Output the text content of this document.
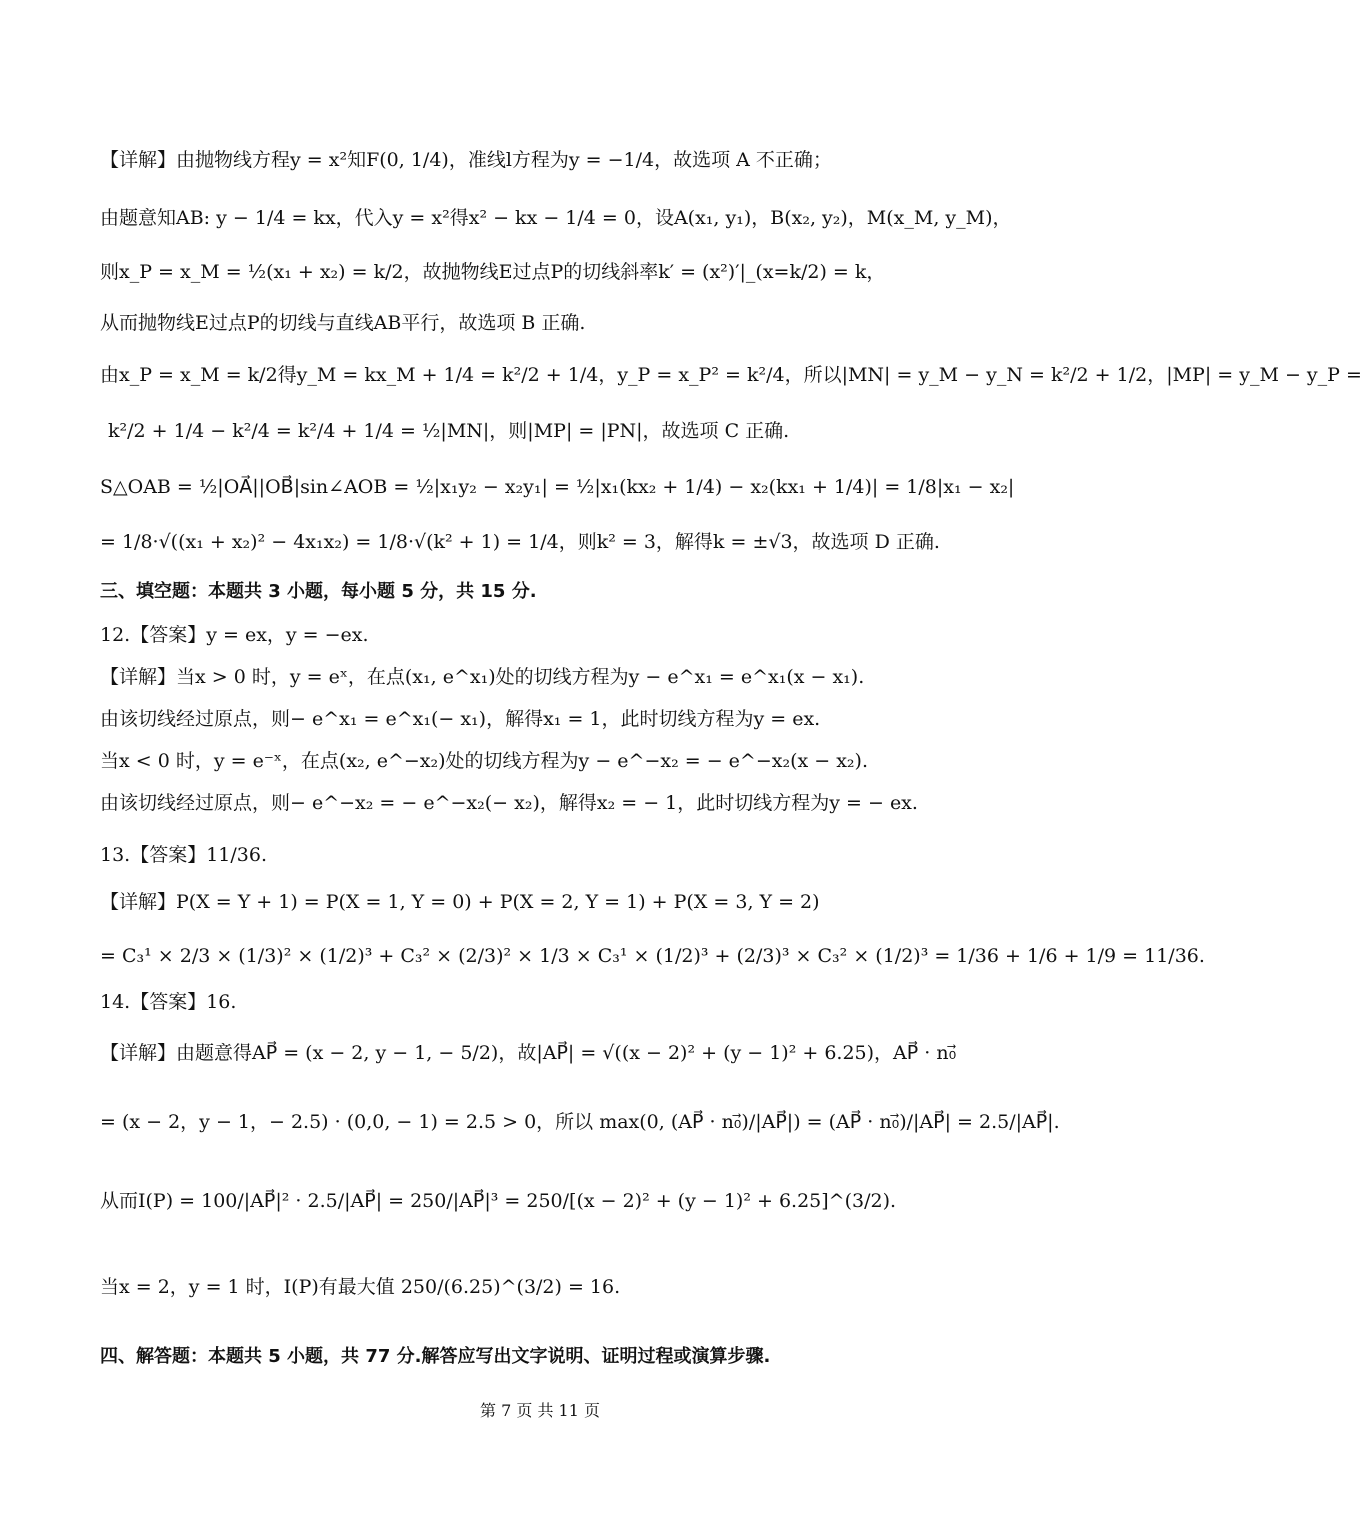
【详解】由抛物线方程y = x²知F(0, 1/4)，准线l方程为y = −1/4，故选项 A 不正确；
由题意知AB: y − 1/4 = kx，代入y = x²得x² − kx − 1/4 = 0，设A(x₁, y₁)，B(x₂, y₂)，M(x_M, y_M)，
则x_P = x_M = ½(x₁ + x₂) = k/2，故抛物线E过点P的切线斜率k′ = (x²)′|_(x=k/2) = k，
从而抛物线E过点P的切线与直线AB平行，故选项 B 正确.
由x_P = x_M = k/2得y_M = kx_M + 1/4 = k²/2 + 1/4，y_P = x_P² = k²/4，所以|MN| = y_M − y_N = k²/2 + 1/2，|MP| = y_M − y_P =
k²/2 + 1/4 − k²/4 = k²/4 + 1/4 = ½|MN|，则|MP| = |PN|，故选项 C 正确.
S△OAB = ½|OA⃗||OB⃗|sin∠AOB = ½|x₁y₂ − x₂y₁| = ½|x₁(kx₂ + 1/4) − x₂(kx₁ + 1/4)| = 1/8|x₁ − x₂|
= 1/8·√((x₁ + x₂)² − 4x₁x₂) = 1/8·√(k² + 1) = 1/4，则k² = 3，解得k = ±√3，故选项 D 正确.
三、填空题：本题共 3 小题，每小题 5 分，共 15 分.
12.【答案】y = ex，y = −ex.
【详解】当x > 0 时，y = eˣ，在点(x₁, e^x₁)处的切线方程为y − e^x₁ = e^x₁(x − x₁).
由该切线经过原点，则− e^x₁ = e^x₁(− x₁)，解得x₁ = 1，此时切线方程为y = ex.
当x < 0 时，y = e⁻ˣ，在点(x₂, e^−x₂)处的切线方程为y − e^−x₂ = − e^−x₂(x − x₂).
由该切线经过原点，则− e^−x₂ = − e^−x₂(− x₂)，解得x₂ = − 1，此时切线方程为y = − ex.
13.【答案】11/36.
【详解】P(X = Y + 1) = P(X = 1, Y = 0) + P(X = 2, Y = 1) + P(X = 3, Y = 2)
= C₃¹ × 2/3 × (1/3)² × (1/2)³ + C₃² × (2/3)² × 1/3 × C₃¹ × (1/2)³ + (2/3)³ × C₃² × (1/2)³ = 1/36 + 1/6 + 1/9 = 11/36.
14.【答案】16.
【详解】由题意得AP⃗ = (x − 2, y − 1, − 5/2)，故|AP⃗| = √((x − 2)² + (y − 1)² + 6.25)，AP⃗ · n₀⃗
= (x − 2，y − 1，− 2.5) · (0,0, − 1) = 2.5 > 0，所以 max(0, (AP⃗ · n₀⃗)/|AP⃗|) = (AP⃗ · n₀⃗)/|AP⃗| = 2.5/|AP⃗|.
从而I(P) = 100/|AP⃗|² · 2.5/|AP⃗| = 250/|AP⃗|³ = 250/[(x − 2)² + (y − 1)² + 6.25]^(3/2).
当x = 2，y = 1 时，I(P)有最大值 250/(6.25)^(3/2) = 16.
四、解答题：本题共 5 小题，共 77 分.解答应写出文字说明、证明过程或演算步骤.
第 7 页 共 11 页
